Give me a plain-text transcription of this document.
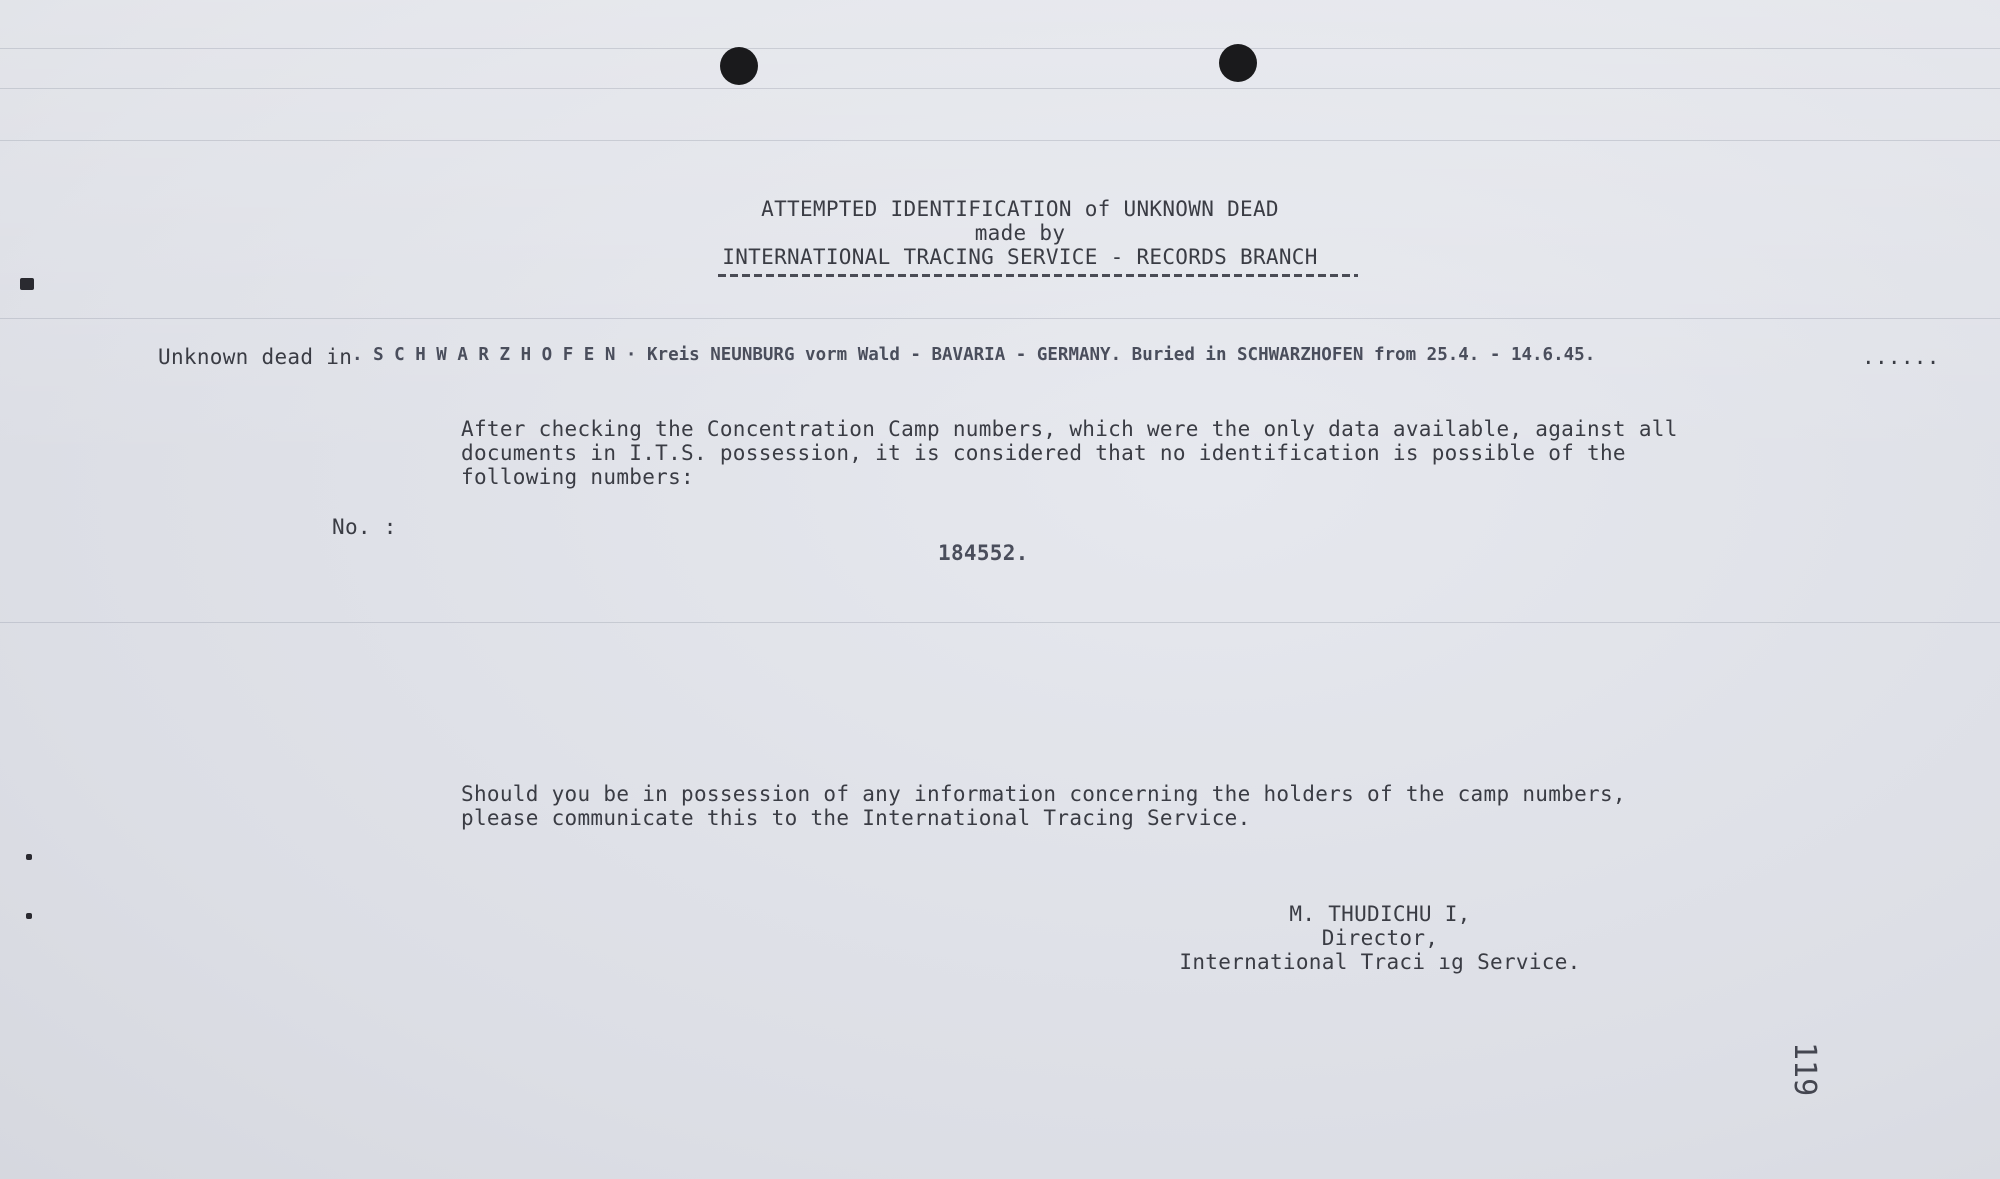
ATTEMPTED IDENTIFICATION of UNKNOWN DEAD
made by
INTERNATIONAL TRACING SERVICE - RECORDS BRANCH
Unknown dead in . S C H W A R Z H O F E N · Kreis NEUNBURG vorm Wald - BAVARIA - GERMANY. Buried in SCHWARZHOFEN from 25.4. - 14.6.45.	......
After checking the Concentration Camp numbers, which were the only data available, against all
documents in I.T.S. possession, it is considered that no identification is possible of the
following numbers:
No. :
184552.
Should you be in possession of any information concerning the holders of the camp numbers,
please communicate this to the International Tracing Service.
M. THUDICHU I,
Director,
International Traci ıg Service.
119
